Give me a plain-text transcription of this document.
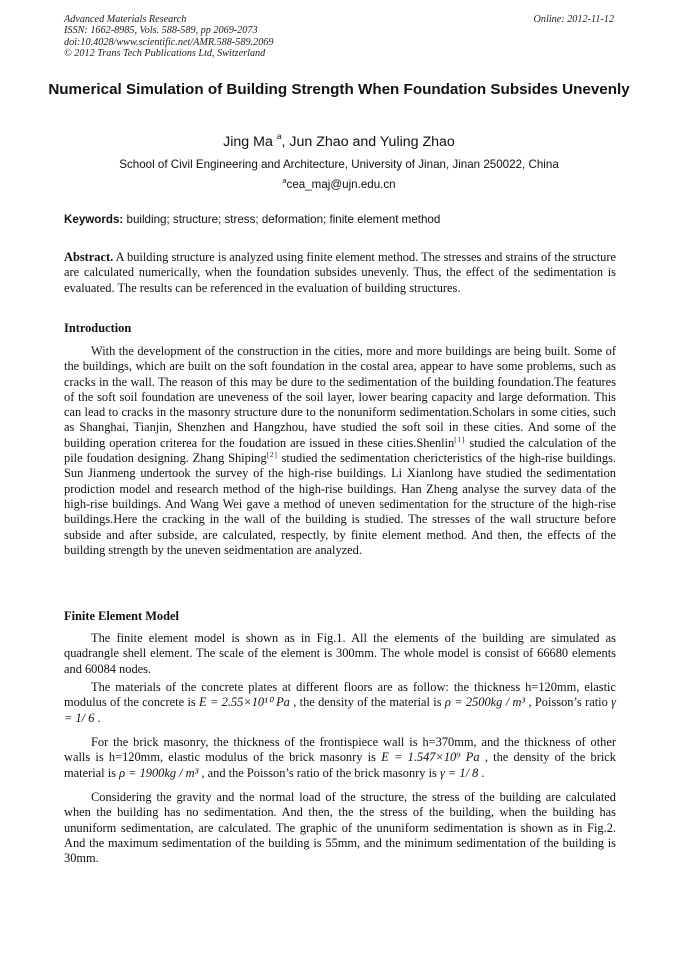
Advanced Materials Research
ISSN: 1662-8985, Vols. 588-589, pp 2069-2073
doi:10.4028/www.scientific.net/AMR.588-589.2069
© 2012 Trans Tech Publications Ltd, Switzerland
Online: 2012-11-12
Numerical Simulation of Building Strength When Foundation Subsides Unevenly
Jing Ma $^a$, Jun Zhao and Yuling Zhao
School of Civil Engineering and Architecture, University of Jinan, Jinan 250022, China
$^a$cea_maj@ujn.edu.cn
Keywords: building; structure; stress; deformation; finite element method

Abstract. A building structure is analyzed using finite element method. The stresses and strains of the structure are calculated numerically, when the foundation subsides unevenly. Thus, the effect of the sedimentation is evaluated. The results can be referenced in the evaluation of building structures.

Introduction

With the development of the construction in the cities, more and more buildings are being built. Some of the buildings, which are built on the soft foundation in the costal area, appear to have some problems, such as cracks in the wall. The reason of this may be dure to the sedimentation of the building foundation.The features of the soft soil foundation are uneveness of the soil layer, lower bearing capacity and large deformation. This can lead to cracks in the masonry structure dure to the nonuniform sedimentation.Scholars in some cities, such as Shanghai, Tianjin, Shenzhen and Hangzhou, have studied the soft soil in these cities. And some of the building operation criterea for the foudation are issued in these cities.Shenlin[1] studied the calculation of the pile foudation designing. Zhang Shiping[2] studied the sedimentation chericteristics of the high-rise buildings. Sun Jianmeng undertook the survey of the high-rise buildings. Li Xianlong have studied the sedimentation prodiction model and research method of the high-rise buildings. Han Zheng analyse the survey data of the high-rise buildings. And Wang Wei gave a method of uneven sedimentation for the structure of the high-rise buildings.Here the cracking in the wall of the building is studied. The stresses of the wall structure before subside and after subside, are calculated, respectly, by finite element method. And then, the effects of the building strength by the uneven seidmentation are analyzed.

Finite Element Model

The finite element model is shown as in Fig.1. All the elements of the building are simulated as quadrangle shell element. The scale of the element is 300mm. The whole model is consist of 66680 elements and 60084 nodes.

The materials of the concrete plates at different floors are as follow: the thickness h=120mm, elastic modulus of the concrete is E = 2.55×10¹⁰ Pa , the density of the material is ρ = 2500kg / m³ , Poisson’s ratio γ = 1/ 6 .

For the brick masonry, the thickness of the frontispiece wall is h=370mm, and the thickness of other walls is h=120mm, elastic modulus of the brick masonry is E = 1.547×10⁹ Pa , the density of the brick material is ρ = 1900kg / m³ , and the Poisson’s ratio of the brick masonry is γ = 1/ 8 .

Considering the gravity and the normal load of the structure, the stress of the building are calculated when the building has no sedimentation. And then, the the stress of the building, when the building has ununiform sedimentation, are calculated. The graphic of the ununiform sedimentation is shown as in Fig.2. And the maximum sedimentation of the building is 55mm, and the minimum sedimentation of the building is 30mm.
